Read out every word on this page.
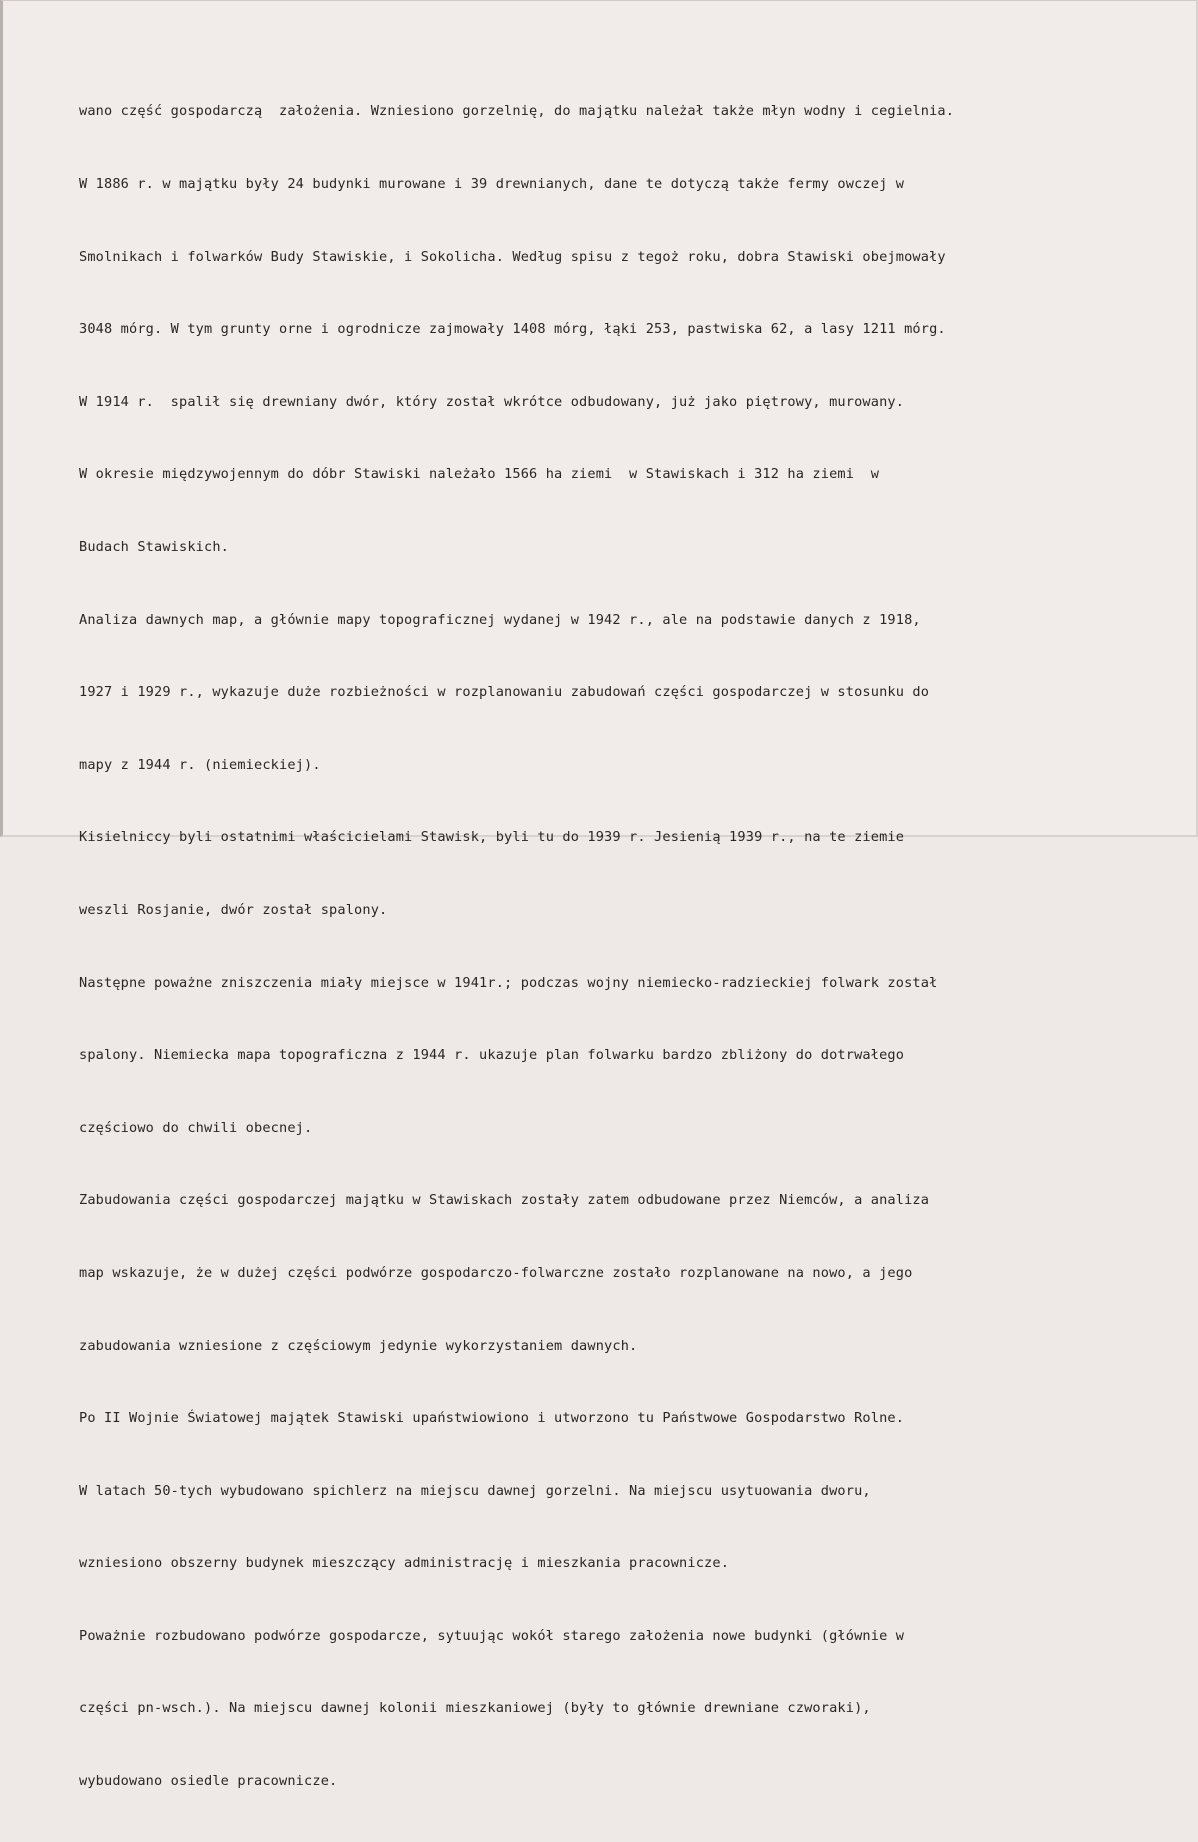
wano część gospodarczą  założenia. Wzniesiono gorzelnię, do majątku należał także młyn wodny i cegielnia.

W 1886 r. w majątku były 24 budynki murowane i 39 drewnianych, dane te dotyczą także fermy owczej w

Smolnikach i folwarków Budy Stawiskie, i Sokolicha. Według spisu z tegoż roku, dobra Stawiski obejmowały

3048 mórg. W tym grunty orne i ogrodnicze zajmowały 1408 mórg, łąki 253, pastwiska 62, a lasy 1211 mórg.

W 1914 r.  spalił się drewniany dwór, który został wkrótce odbudowany, już jako piętrowy, murowany.

W okresie międzywojennym do dóbr Stawiski należało 1566 ha ziemi  w Stawiskach i 312 ha ziemi  w

Budach Stawiskich.

Analiza dawnych map, a głównie mapy topograficznej wydanej w 1942 r., ale na podstawie danych z 1918,

1927 i 1929 r., wykazuje duże rozbieżności w rozplanowaniu zabudowań części gospodarczej w stosunku do

mapy z 1944 r. (niemieckiej).

Kisielniccy byli ostatnimi właścicielami Stawisk, byli tu do 1939 r. Jesienią 1939 r., na te ziemie

weszli Rosjanie, dwór został spalony.

Następne poważne zniszczenia miały miejsce w 1941r.; podczas wojny niemiecko-radzieckiej folwark został

spalony. Niemiecka mapa topograficzna z 1944 r. ukazuje plan folwarku bardzo zbliżony do dotrwałego

częściowo do chwili obecnej.

Zabudowania części gospodarczej majątku w Stawiskach zostały zatem odbudowane przez Niemców, a analiza

map wskazuje, że w dużej części podwórze gospodarczo-folwarczne zostało rozplanowane na nowo, a jego

zabudowania wzniesione z częściowym jedynie wykorzystaniem dawnych.

Po II Wojnie Światowej majątek Stawiski upaństwiowiono i utworzono tu Państwowe Gospodarstwo Rolne.

W latach 50-tych wybudowano spichlerz na miejscu dawnej gorzelni. Na miejscu usytuowania dworu,

wzniesiono obszerny budynek mieszczący administrację i mieszkania pracownicze.

Poważnie rozbudowano podwórze gospodarcze, sytuując wokół starego założenia nowe budynki (głównie w

części pn-wsch.). Na miejscu dawnej kolonii mieszkaniowej (były to głównie drewniane czworaki),

wybudowano osiedle pracownicze.
